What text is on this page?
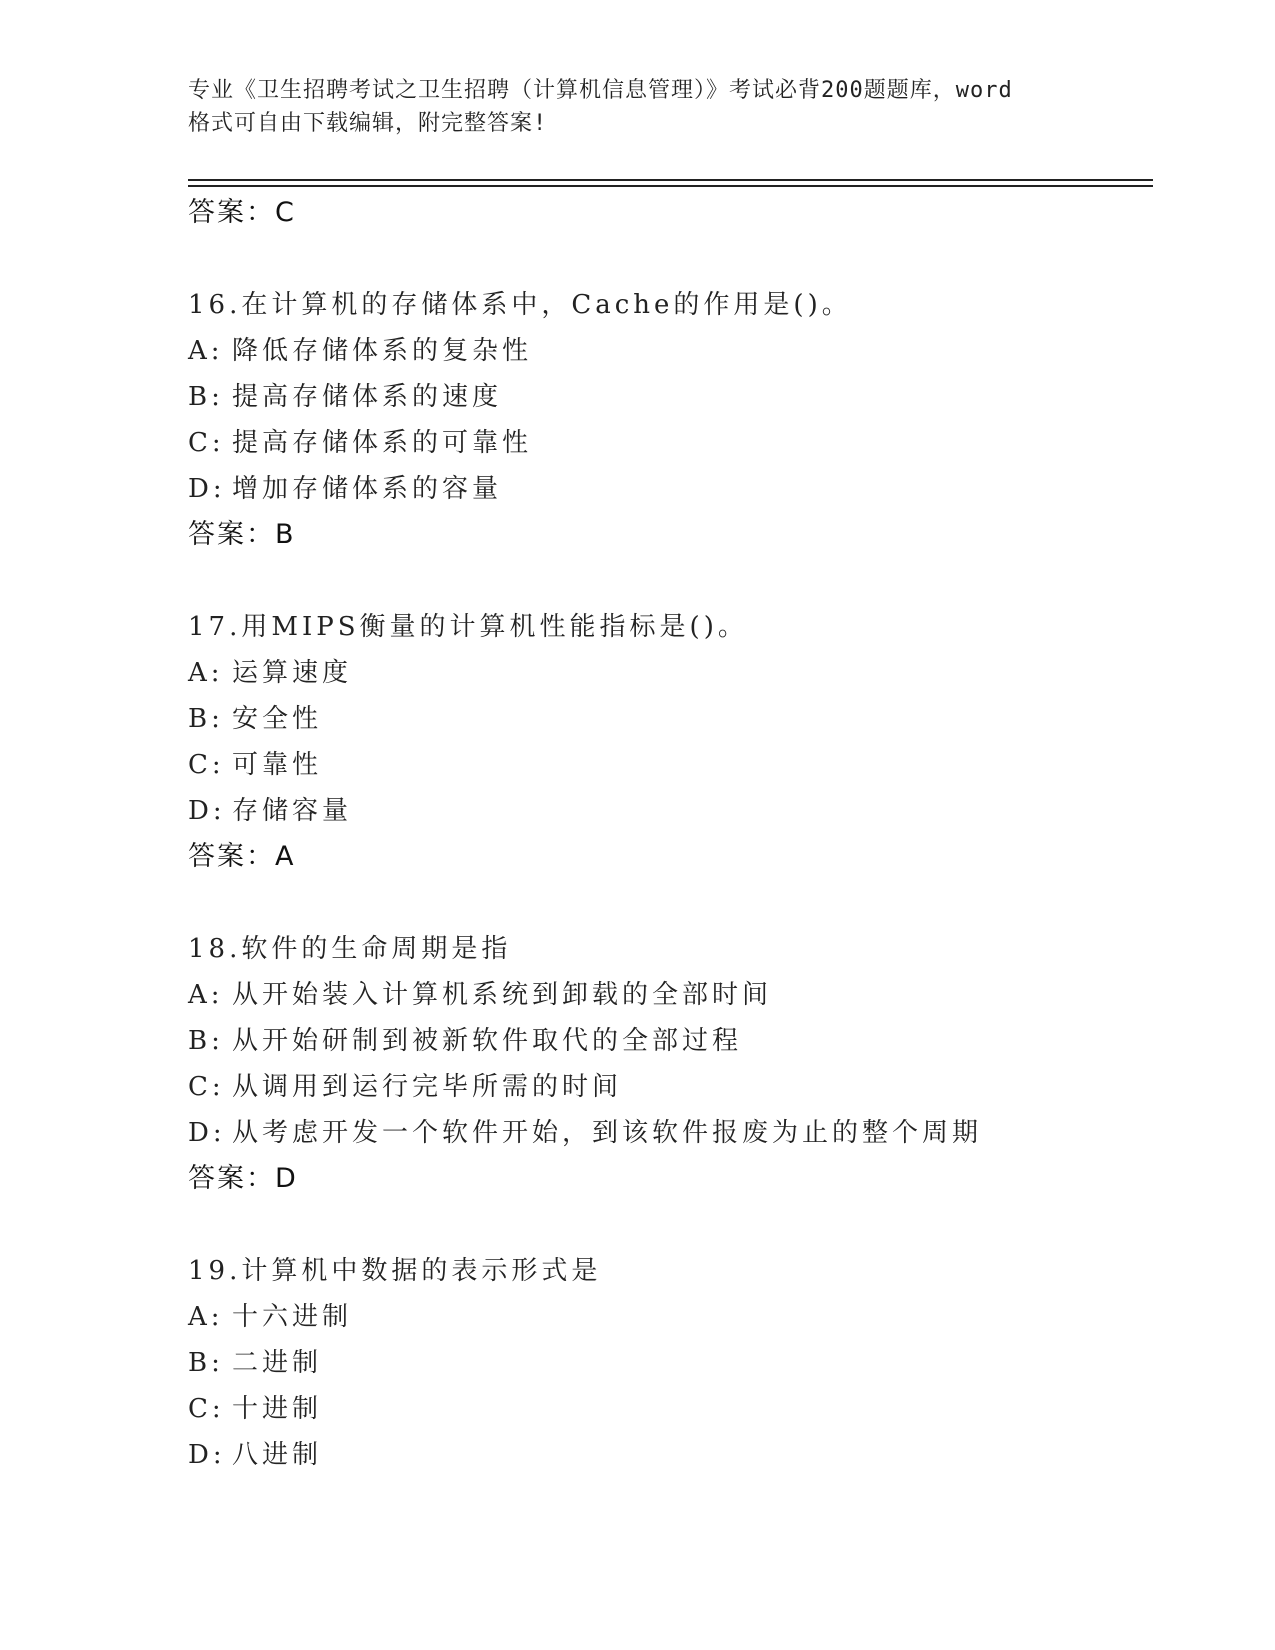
专业《卫生招聘考试之卫生招聘（计算机信息管理）》考试必背200题题库，word
格式可自由下载编辑，附完整答案!
答案：C
16.在计算机的存储体系中，Cache的作用是()。
A: 降低存储体系的复杂性
B: 提高存储体系的速度
C: 提高存储体系的可靠性
D: 增加存储体系的容量
答案：B
17.用MIPS衡量的计算机性能指标是()。
A: 运算速度
B: 安全性
C: 可靠性
D: 存储容量
答案：A
18.软件的生命周期是指
A: 从开始装入计算机系统到卸载的全部时间
B: 从开始研制到被新软件取代的全部过程
C: 从调用到运行完毕所需的时间
D: 从考虑开发一个软件开始，到该软件报废为止的整个周期
答案：D
19.计算机中数据的表示形式是
A: 十六进制
B: 二进制
C: 十进制
D: 八进制
